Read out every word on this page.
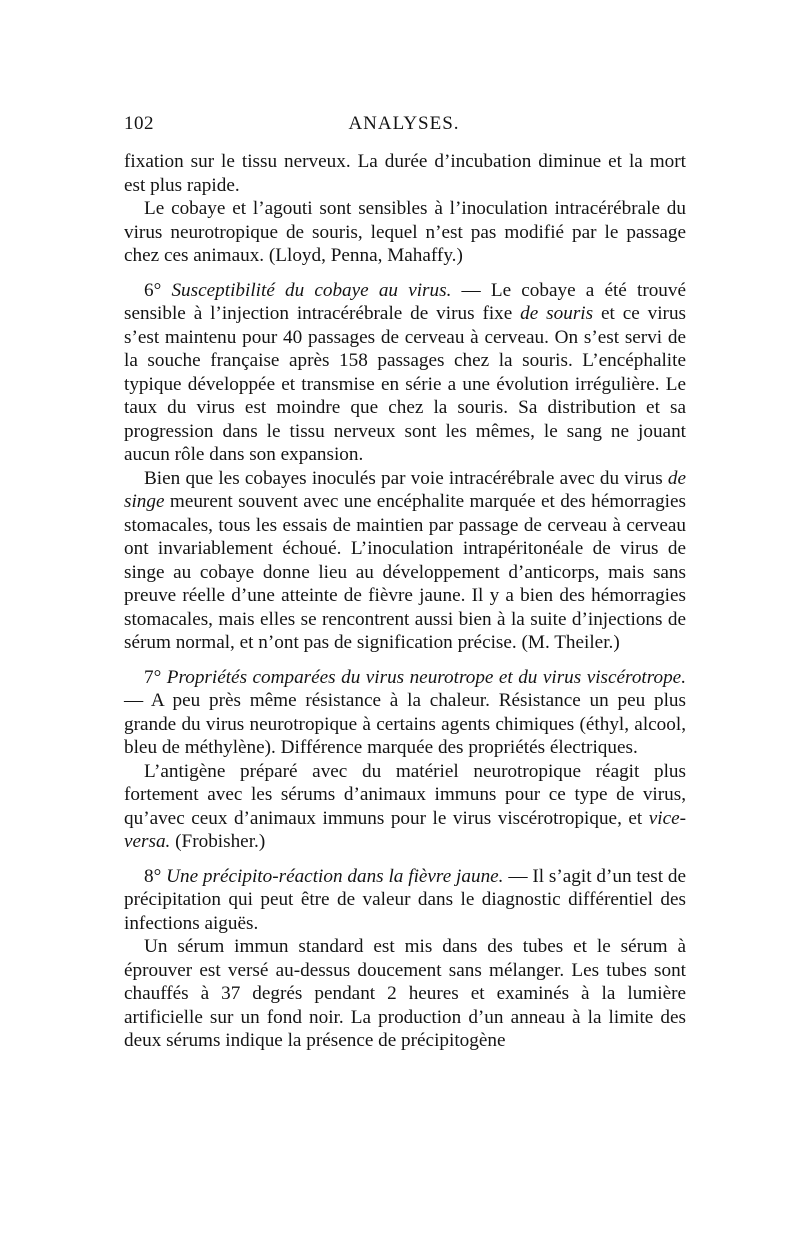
102	ANALYSES.

fixation sur le tissu nerveux. La durée d’incubation diminue et la mort est plus rapide.

Le cobaye et l’agouti sont sensibles à l’inoculation intracérébrale du virus neurotropique de souris, lequel n’est pas modifié par le passage chez ces animaux. (Lloyd, Penna, Mahaffy.)

6° Susceptibilité du cobaye au virus. — Le cobaye a été trouvé sensible à l’injection intracérébrale de virus fixe de souris et ce virus s’est maintenu pour 40 passages de cerveau à cerveau. On s’est servi de la souche française après 158 passages chez la souris. L’encéphalite typique développée et transmise en série a une évolution irrégulière. Le taux du virus est moindre que chez la souris. Sa distribution et sa progression dans le tissu nerveux sont les mêmes, le sang ne jouant aucun rôle dans son expansion.

Bien que les cobayes inoculés par voie intracérébrale avec du virus de singe meurent souvent avec une encéphalite marquée et des hémorragies stomacales, tous les essais de maintien par passage de cerveau à cerveau ont invariablement échoué. L’inoculation intrapéritonéale de virus de singe au cobaye donne lieu au développement d’anticorps, mais sans preuve réelle d’une atteinte de fièvre jaune. Il y a bien des hémorragies stomacales, mais elles se rencontrent aussi bien à la suite d’injections de sérum normal, et n’ont pas de signification précise. (M. Theiler.)

7° Propriétés comparées du virus neurotrope et du virus viscérotrope.— A peu près même résistance à la chaleur. Résistance un peu plus grande du virus neurotropique à certains agents chimiques (éthyl, alcool, bleu de méthylène). Différence marquée des propriétés électriques.

L’antigène préparé avec du matériel neurotropique réagit plus fortement avec les sérums d’animaux immuns pour ce type de virus, qu’avec ceux d’animaux immuns pour le virus viscérotropique, et vice-versa. (Frobisher.)

8° Une précipito-réaction dans la fièvre jaune. — Il s’agit d’un test de précipitation qui peut être de valeur dans le diagnostic différentiel des infections aiguës.

Un sérum immun standard est mis dans des tubes et le sérum à éprouver est versé au-dessus doucement sans mélanger. Les tubes sont chauffés à 37 degrés pendant 2 heures et examinés à la lumière artificielle sur un fond noir. La production d’un anneau à la limite des deux sérums indique la présence de précipitogène
